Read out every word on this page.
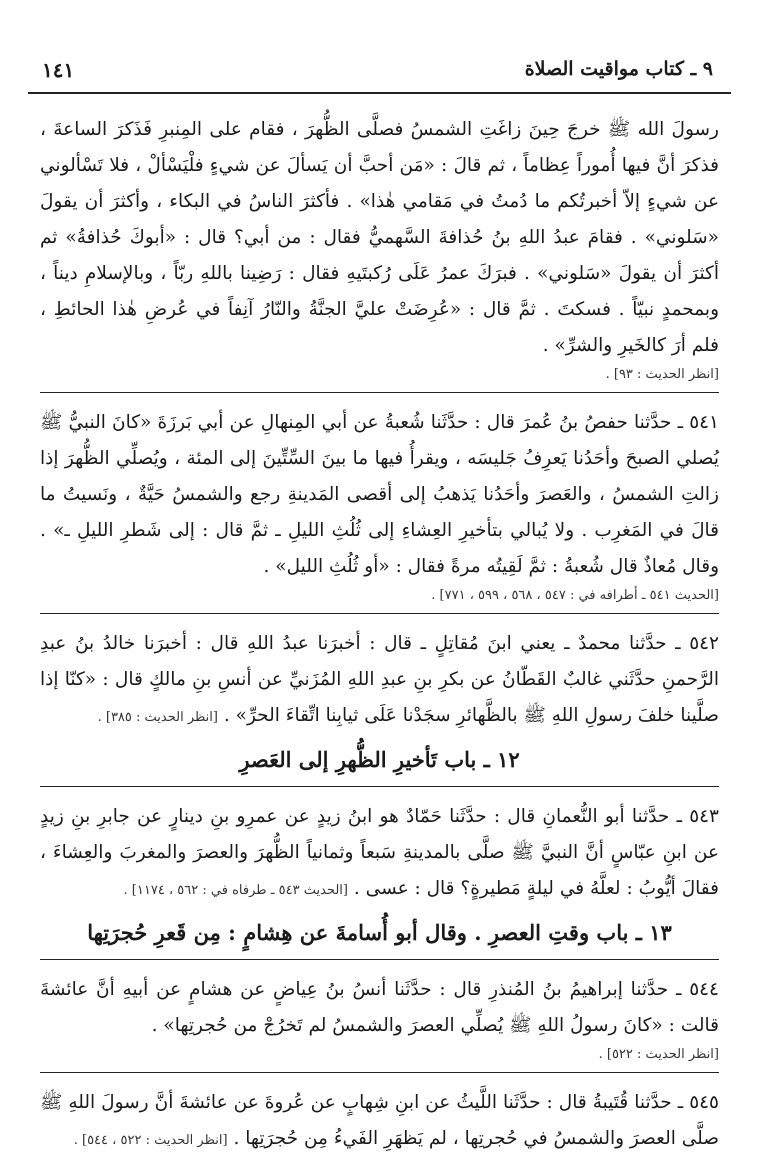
٩ ـ كتاب مواقيت الصلاة
١٤١

رسولَ الله ﷺ خرجَ حِينَ زاغَتِ الشمسُ فصلَّى الظُّهرَ ، فقام على المِنبرِ فَذَكرَ الساعةَ ، فذكرَ أنَّ فيها أُموراً عِظاماً ، ثم قالَ : «مَن أحبَّ أن يَسألَ عن شيءٍ فلْيَسْألْ ، فلا تَسْألوني عن شيءٍ إلاّ أخبرتُكم ما دُمتُ في مَقامي هٰذا» . فأكثرَ الناسُ في البكاء ، وأكثرَ أن يقولَ «سَلوني» . فقامَ عبدُ اللهِ بنُ حُذافةَ السَّهميُّ فقال : من أبي؟ قال : «أبوكَ حُذافةُ» ثم أكثرَ أن يقولَ «سَلوني» . فبرَكَ عمرُ عَلَى رُكبتَيهِ فقال : رَضِينا باللهِ ربّاً ، وبالإسلامِ ديناً ، وبمحمدٍ نبيّاً . فسكتَ . ثمَّ قال : «عُرِضَتْ عليَّ الجنَّةُ والنّارُ آنِفاً في عُرضِ هٰذا الحائطِ ، فلم أرَ كالخَيرِ والشرِّ» .

[انظر الحديث : ٩٣] .

٥٤١ ـ حدَّثنا حفصُ بنُ عُمرَ قال : حدَّثَنا شُعبةُ عن أبي المِنهالِ عن أبي بَرزَةَ «كانَ النبيُّ ﷺ يُصلي الصبحَ وأحَدُنا يَعرِفُ جَليسَه ، ويقرأُ فيها ما بينَ السِّتِّينَ إلى المئة ، ويُصلِّي الظُّهرَ إذا زالتِ الشمسُ ، والعَصرَ وأحَدُنا يَذهبُ إلى أقصى المَدينةِ رجع والشمسُ حَيَّةٌ ، ونَسيتُ ما قالَ في المَغرِب . ولا يُبالي بتأخيرِ العِشاءِ إلى ثُلُثِ الليلِ ـ ثمَّ قال : إلى شَطرِ الليلِ ـ» . وقال مُعاذٌ قال شُعبةُ : ثمَّ لَقِيتُه مرةً فقال : «أو ثُلُثِ الليل» .

[الحديث ٥٤١ ـ أطرافه في : ٥٤٧ ، ٥٦٨ ، ٥٩٩ ، ٧٧١] .

٥٤٢ ـ حدَّثنا محمدٌ ـ يعني ابنَ مُقاتِلٍ ـ قال : أخبرَنا عبدُ اللهِ قال : أخبرَنا خالدُ بنُ عبدِ الرَّحمنِ حدَّثَني غالبٌ القَطّانُ عن بكرِ بنِ عبدِ اللهِ المُزَنيِّ عن أنسِ بنِ مالكٍ قال : «كنّا إذا صلَّينا خلفَ رسولِ اللهِ ﷺ بالظَّهائرِ سجَدْنا عَلَى ثيابِنا اتِّقاءَ الحرِّ» . [انظر الحديث : ٣٨٥] .

١٢ ـ باب تَأخيرِ الظُّهرِ إلى العَصرِ

٥٤٣ ـ حدَّثنا أبو النُّعمانِ قال : حدَّثَنا حَمّادٌ هو ابنُ زيدٍ عن عمرِو بنِ دينارٍ عن جابرِ بنِ زيدٍ عن ابنِ عبّاسٍ أنَّ النبيَّ ﷺ صلَّى بالمدينةِ سَبعاً وثمانياً الظُّهرَ والعصرَ والمغربَ والعِشاءَ ، فقالَ أيُّوبُ : لعلَّهُ في ليلةٍ مَطيرةٍ؟ قال : عسى . [الحديث ٥٤٣ ـ طرفاه في : ٥٦٢ ، ١١٧٤] .

١٣ ـ باب وقتِ العصرِ . وقال أبو أُسامةَ عن هِشامٍ : مِن قَعرِ حُجرَتِها

٥٤٤ ـ حدَّثنا إبراهيمُ بنُ المُنذرِ قال : حدَّثَنا أنسُ بنُ عِياضٍ عن هشامٍ عن أبيهِ أنَّ عائشةَ قالت : «كانَ رسولُ اللهِ ﷺ يُصلِّي العصرَ والشمسُ لم تَخرُجْ من حُجرتِها» .

[انظر الحديث : ٥٢٢] .

٥٤٥ ـ حدَّثنا قُتَيبةُ قال : حدَّثَنا اللَّيثُ عن ابنِ شِهابٍ عن عُروةَ عن عائشةَ أنَّ رسولَ اللهِ ﷺ صلَّى العصرَ والشمسُ في حُجرتِها ، لم يَظهَرِ الفَيءُ مِن حُجرَتِها . [انظر الحديث : ٥٢٢ ، ٥٤٤] .
